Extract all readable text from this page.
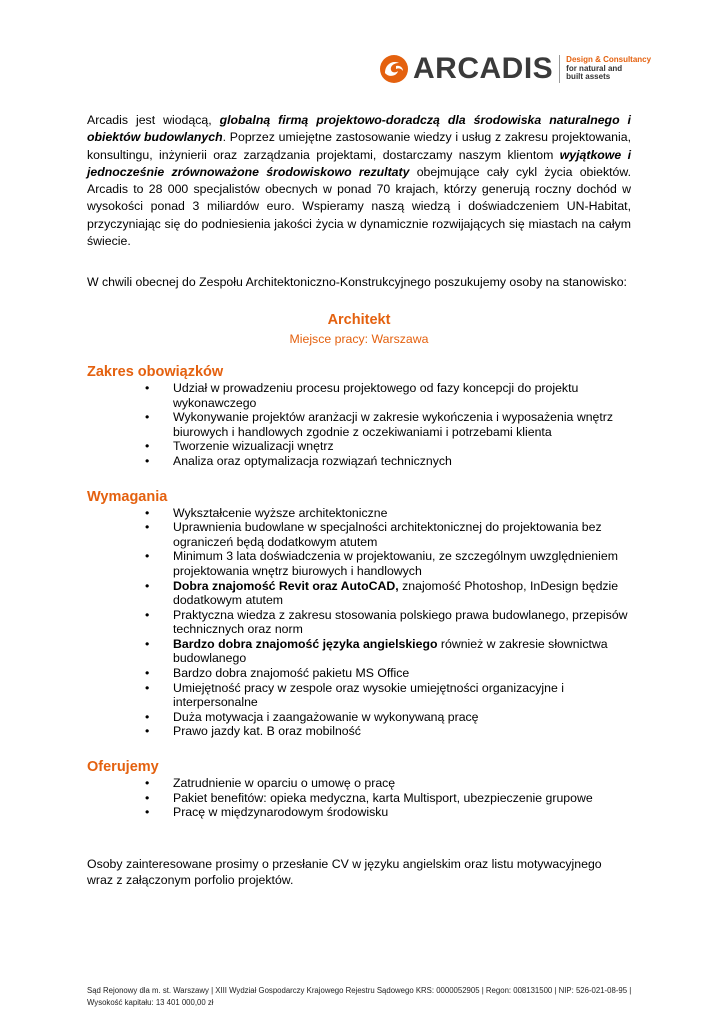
ARCADIS Design & Consultancy
for natural and
built assets

Arcadis jest wiodącą, globalną firmą projektowo-doradczą dla środowiska naturalnego i obiektów budowlanych. Poprzez umiejętne zastosowanie wiedzy i usług z zakresu projektowania, konsultingu, inżynierii oraz zarządzania projektami, dostarczamy naszym klientom wyjątkowe i jednocześnie zrównoważone środowiskowo rezultaty obejmujące cały cykl życia obiektów. Arcadis to 28 000 specjalistów obecnych w ponad 70 krajach, którzy generują roczny dochód w wysokości ponad 3 miliardów euro. Wspieramy naszą wiedzą i doświadczeniem UN-Habitat, przyczyniając się do podniesienia jakości życia w dynamicznie rozwijających się miastach na całym świecie.

W chwili obecnej do Zespołu Architektoniczno-Konstrukcyjnego poszukujemy osoby na stanowisko:

Architekt
Miejsce pracy: Warszawa
Zakres obowiązków
• Udział w prowadzeniu procesu projektowego od fazy koncepcji do projektu wykonawczego
• Wykonywanie projektów aranżacji w zakresie wykończenia i wyposażenia wnętrz biurowych i handlowych zgodnie z oczekiwaniami i potrzebami klienta
• Tworzenie wizualizacji wnętrz
• Analiza oraz optymalizacja rozwiązań technicznych
Wymagania
• Wykształcenie wyższe architektoniczne
• Uprawnienia budowlane w specjalności architektonicznej do projektowania bez ograniczeń będą dodatkowym atutem
• Minimum 3 lata doświadczenia w projektowaniu, ze szczególnym uwzględnieniem projektowania wnętrz biurowych i handlowych
• Dobra znajomość Revit oraz AutoCAD, znajomość Photoshop, InDesign będzie dodatkowym atutem
• Praktyczna wiedza z zakresu stosowania polskiego prawa budowlanego, przepisów technicznych oraz norm
• Bardzo dobra znajomość języka angielskiego również w zakresie słownictwa budowlanego
• Bardzo dobra znajomość pakietu MS Office
• Umiejętność pracy w zespole oraz wysokie umiejętności organizacyjne i interpersonalne
• Duża motywacja i zaangażowanie w wykonywaną pracę
• Prawo jazdy kat. B oraz mobilność
Oferujemy
• Zatrudnienie w oparciu o umowę o pracę
• Pakiet benefitów: opieka medyczna, karta Multisport, ubezpieczenie grupowe
• Pracę w międzynarodowym środowisku

Osoby zainteresowane prosimy o przesłanie CV w języku angielskim oraz listu motywacyjnego wraz z załączonym porfolio projektów.

Sąd Rejonowy dla m. st. Warszawy | XIII Wydział Gospodarczy Krajowego Rejestru Sądowego KRS: 0000052905 | Regon: 008131500 | NIP: 526-021-08-95 | Wysokość kapitału: 13 401 000,00 zł
